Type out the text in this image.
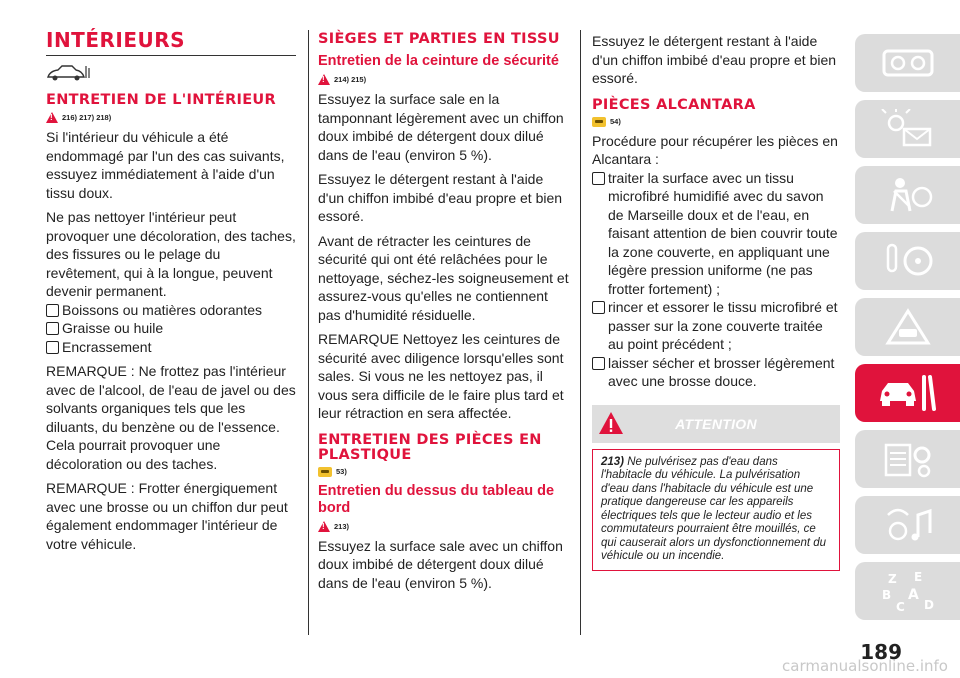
INTÉRIEURS
ENTRETIEN DE L'INTÉRIEUR
!
216) 217) 218)

Si l'intérieur du véhicule a été endommagé par l'un des cas suivants, essuyez immédiatement à l'aide d'un tissu doux.

Ne pas nettoyer l'intérieur peut provoquer une décoloration, des taches, des fissures ou le pelage du revêtement, qui à la longue, peuvent devenir permanent.

Boissons ou matières odorantes

Graisse ou huile

Encrassement

REMARQUE : Ne frottez pas l'intérieur avec de l'alcool, de l'eau de javel ou des solvants organiques tels que les diluants, du benzène ou de l'essence. Cela pourrait provoquer une décoloration ou des taches.

REMARQUE : Frotter énergiquement avec une brosse ou un chiffon dur peut également endommager l'intérieur de votre véhicule.

SIÈGES ET PARTIES EN TISSU
Entretien de la ceinture de sécurité
!
214) 215)

Essuyez la surface sale en la tamponnant légèrement avec un chiffon doux imbibé de détergent doux dilué dans de l'eau (environ 5 %).

Essuyez le détergent restant à l'aide d'un chiffon imbibé d'eau propre et bien essoré.

Avant de rétracter les ceintures de sécurité qui ont été relâchées pour le nettoyage, séchez-les soigneusement et assurez-vous qu'elles ne contiennent pas d'humidité résiduelle.

REMARQUE Nettoyez les ceintures de sécurité avec diligence lorsqu'elles sont sales. Si vous ne les nettoyez pas, il vous sera difficile de le faire plus tard et leur rétraction en sera affectée.

ENTRETIEN DES PIÈCES EN PLASTIQUE
53)
Entretien du dessus du tableau de bord
!
213)

Essuyez la surface sale avec un chiffon doux imbibé de détergent doux dilué dans de l'eau (environ 5 %).

Essuyez le détergent restant à l'aide d'un chiffon imbibé d'eau propre et bien essoré.

PIÈCES ALCANTARA
54)

Procédure pour récupérer les pièces en Alcantara :

traiter la surface avec un tissu microfibré humidifié avec du savon de Marseille doux et de l'eau, en faisant attention de bien couvrir toute la zone couverte, en appliquant une légère pression uniforme (ne pas frotter fortement) ;

rincer et essorer le tissu microfibré et passer sur la zone couverte traitée au point précédent ;

laisser sécher et brosser légèrement avec une brosse douce.

ATTENTION

213) Ne pulvérisez pas d'eau dans l'habitacle du véhicule. La pulvérisation d'eau dans l'habitacle du véhicule est une pratique dangereuse car les appareils électriques tels que le lecteur audio et les commutateurs pourraient être mouillés, ce qui causerait alors un dysfonctionnement du véhicule ou un incendie.

Z E
B A
C D
189
carmanualsonline.info
